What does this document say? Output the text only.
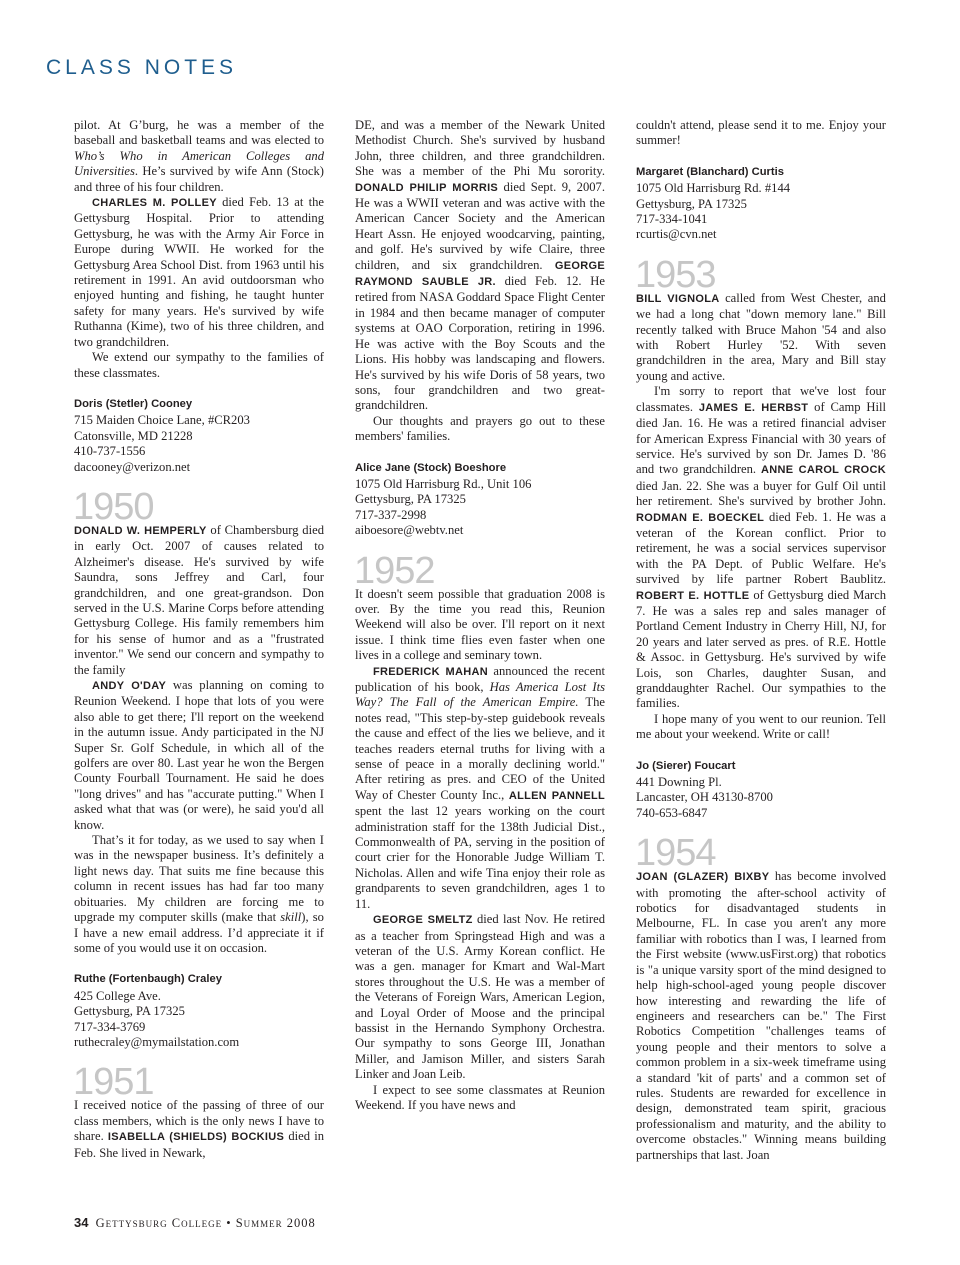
CLASS NOTES

pilot. At G’burg, he was a member of the baseball and basketball teams and was elected to Who’s Who in American Colleges and Universities. He’s survived by wife Ann (Stock) and three of his four children.

CHARLES M. POLLEY died Feb. 13 at the Gettysburg Hospital. Prior to attending Gettysburg, he was with the Army Air Force in Europe during WWII. He worked for the Gettysburg Area School Dist. from 1963 until his retirement in 1991. An avid outdoorsman who enjoyed hunting and fishing, he taught hunter safety for many years. He's survived by wife Ruthanna (Kime), two of his three children, and two grandchildren.

We extend our sympathy to the families of these classmates.

Doris (Stetler) Cooney
715 Maiden Choice Lane, #CR203
Catonsville, MD 21228
410-737-1556
dacooney@verizon.net
1950

DONALD W. HEMPERLY of Chambersburg died in early Oct. 2007 of causes related to Alzheimer's disease. He's survived by wife Saundra, sons Jeffrey and Carl, four grandchildren, and one great-grandson. Don served in the U.S. Marine Corps before attending Gettysburg College. His family remembers him for his sense of humor and as a "frustrated inventor." We send our concern and sympathy to the family

ANDY O'DAY was planning on coming to Reunion Weekend. I hope that lots of you were also able to get there; I'll report on the weekend in the autumn issue. Andy participated in the NJ Super Sr. Golf Schedule, in which all of the golfers are over 80. Last year he won the Bergen County Fourball Tournament. He said he does "long drives" and has "accurate putting." When I asked what that was (or were), he said you'd all know.

That’s it for today, as we used to say when I was in the newspaper business. It’s definitely a light news day. That suits me fine because this column in recent issues has had far too many obituaries. My children are forcing me to upgrade my computer skills (make that skill), so I have a new email address. I’d appreciate it if some of you would use it on occasion.

Ruthe (Fortenbaugh) Craley
425 College Ave.
Gettysburg, PA 17325
717-334-3769
ruthecraley@mymailstation.com
1951

I received notice of the passing of three of our class members, which is the only news I have to share. ISABELLA (SHIELDS) BOCKIUS died in Feb. She lived in Newark,

DE, and was a member of the Newark United Methodist Church. She's survived by husband John, three children, and three grandchildren. She was a member of the Phi Mu sorority. DONALD PHILIP MORRIS died Sept. 9, 2007. He was a WWII veteran and was active with the American Cancer Society and the American Heart Assn. He enjoyed woodcarving, painting, and golf. He's survived by wife Claire, three children, and six grandchildren. GEORGE RAYMOND SAUBLE JR. died Feb. 12. He retired from NASA Goddard Space Flight Center in 1984 and then became manager of computer systems at OAO Corporation, retiring in 1996. He was active with the Boy Scouts and the Lions. His hobby was landscaping and flowers. He's survived by his wife Doris of 58 years, two sons, four grandchildren and two great-grandchildren.

Our thoughts and prayers go out to these members' families.

Alice Jane (Stock) Boeshore
1075 Old Harrisburg Rd., Unit 106
Gettysburg, PA 17325
717-337-2998
aiboesore@webtv.net
1952

It doesn't seem possible that graduation 2008 is over. By the time you read this, Reunion Weekend will also be over. I'll report on it next issue. I think time flies even faster when one lives in a college and seminary town.

FREDERICK MAHAN announced the recent publication of his book, Has America Lost Its Way? The Fall of the American Empire. The notes read, "This step-by-step guidebook reveals the cause and effect of the lies we believe, and it teaches readers eternal truths for living with a sense of peace in a morally declining world." After retiring as pres. and CEO of the United Way of Chester County Inc., ALLEN PANNELL spent the last 12 years working on the court administration staff for the 138th Judicial Dist., Commonwealth of PA, serving in the position of court crier for the Honorable Judge William T. Nicholas. Allen and wife Tina enjoy their role as grandparents to seven grandchildren, ages 1 to 11.

GEORGE SMELTZ died last Nov. He retired as a teacher from Springstead High and was a veteran of the U.S. Army Korean conflict. He was a gen. manager for Kmart and Wal-Mart stores throughout the U.S. He was a member of the Veterans of Foreign Wars, American Legion, and Loyal Order of Moose and the principal bassist in the Hernando Symphony Orchestra. Our sympathy to sons George III, Jonathan Miller, and Jamison Miller, and sisters Sarah Linker and Joan Leib.

I expect to see some classmates at Reunion Weekend. If you have news and

couldn't attend, please send it to me. Enjoy your summer!

Margaret (Blanchard) Curtis
1075 Old Harrisburg Rd. #144
Gettysburg, PA 17325
717-334-1041
rcurtis@cvn.net
1953

BILL VIGNOLA called from West Chester, and we had a long chat "down memory lane." Bill recently talked with Bruce Mahon '54 and also with Robert Hurley '52. With seven grandchildren in the area, Mary and Bill stay young and active.

I'm sorry to report that we've lost four classmates. JAMES E. HERBST of Camp Hill died Jan. 16. He was a retired financial adviser for American Express Financial with 30 years of service. He's survived by son Dr. James D. '86 and two grandchildren. ANNE CAROL CROCK died Jan. 22. She was a buyer for Gulf Oil until her retirement. She's survived by brother John. RODMAN E. BOECKEL died Feb. 1. He was a veteran of the Korean conflict. Prior to retirement, he was a social services supervisor with the PA Dept. of Public Welfare. He's survived by life partner Robert Baublitz. ROBERT E. HOTTLE of Gettysburg died March 7. He was a sales rep and sales manager of Portland Cement Industry in Cherry Hill, NJ, for 20 years and later served as pres. of R.E. Hottle & Assoc. in Gettysburg. He's survived by wife Lois, son Charles, daughter Susan, and granddaughter Rachel. Our sympathies to the families.

I hope many of you went to our reunion. Tell me about your weekend. Write or call!

Jo (Sierer) Foucart
441 Downing Pl.
Lancaster, OH 43130-8700
740-653-6847
1954

JOAN (GLAZER) BIXBY has become involved with promoting the after-school activity of robotics for disadvantaged students in Melbourne, FL. In case you aren't any more familiar with robotics than I was, I learned from the First website (www.usFirst.org) that robotics is "a unique varsity sport of the mind designed to help high-school-aged young people discover how interesting and rewarding the life of engineers and researchers can be." The First Robotics Competition "challenges teams of young people and their mentors to solve a common problem in a six-week timeframe using a standard 'kit of parts' and a common set of rules. Students are rewarded for excellence in design, demonstrated team spirit, gracious professionalism and maturity, and the ability to overcome obstacles." Winning means building partnerships that last. Joan

34 Gettysburg College • Summer 2008
